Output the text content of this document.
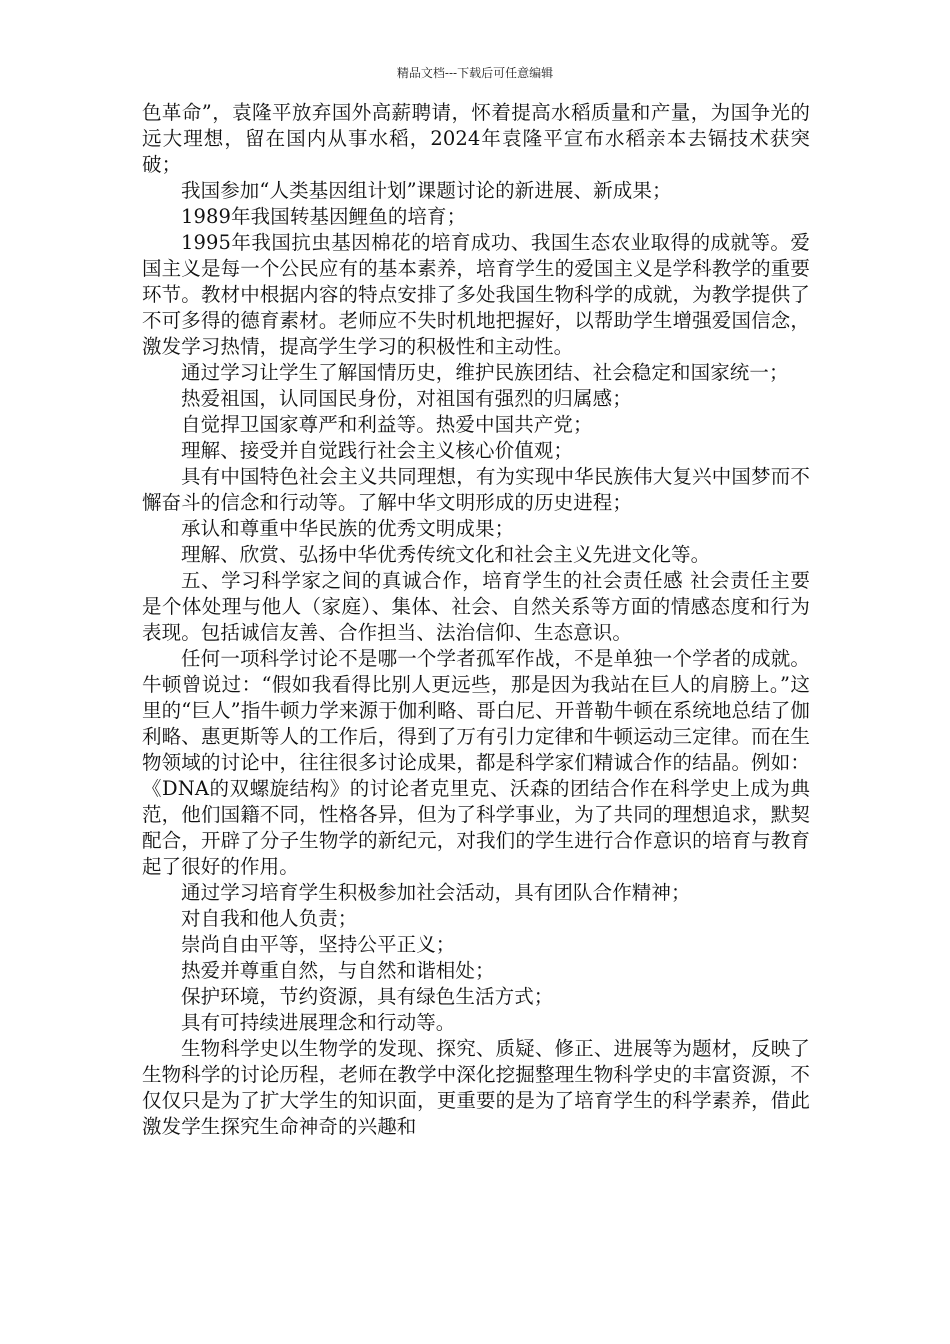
精品文档---下载后可任意编辑

色革命”，袁隆平放弃国外高薪聘请，怀着提高水稻质量和产量，为国争光的远大理想，留在国内从事水稻，2024年袁隆平宣布水稻亲本去镉技术获突破；

我国参加“人类基因组计划”课题讨论的新进展、新成果；

1989年我国转基因鲤鱼的培育；

1995年我国抗虫基因棉花的培育成功、我国生态农业取得的成就等。爱国主义是每一个公民应有的基本素养，培育学生的爱国主义是学科教学的重要环节。教材中根据内容的特点安排了多处我国生物科学的成就，为教学提供了不可多得的德育素材。老师应不失时机地把握好，以帮助学生增强爱国信念，激发学习热情，提高学生学习的积极性和主动性。

通过学习让学生了解国情历史，维护民族团结、社会稳定和国家统一；

热爱祖国，认同国民身份，对祖国有强烈的归属感；

自觉捍卫国家尊严和利益等。热爱中国共产党；

理解、接受并自觉践行社会主义核心价值观；

具有中国特色社会主义共同理想，有为实现中华民族伟大复兴中国梦而不懈奋斗的信念和行动等。了解中华文明形成的历史进程；

承认和尊重中华民族的优秀文明成果；

理解、欣赏、弘扬中华优秀传统文化和社会主义先进文化等。

五、学习科学家之间的真诚合作，培育学生的社会责任感 社会责任主要是个体处理与他人（家庭）、集体、社会、自然关系等方面的情感态度和行为表现。包括诚信友善、合作担当、法治信仰、生态意识。

任何一项科学讨论不是哪一个学者孤军作战，不是单独一个学者的成就。牛顿曾说过：“假如我看得比别人更远些，那是因为我站在巨人的肩膀上。”这里的“巨人”指牛顿力学来源于伽利略、哥白尼、开普勒牛顿在系统地总结了伽利略、惠更斯等人的工作后，得到了万有引力定律和牛顿运动三定律。而在生物领域的讨论中，往往很多讨论成果，都是科学家们精诚合作的结晶。例如：《DNA的双螺旋结构》的讨论者克里克、沃森的团结合作在科学史上成为典范，他们国籍不同，性格各异，但为了科学事业，为了共同的理想追求，默契配合，开辟了分子生物学的新纪元，对我们的学生进行合作意识的培育与教育起了很好的作用。

通过学习培育学生积极参加社会活动，具有团队合作精神；

对自我和他人负责；

崇尚自由平等，坚持公平正义；

热爱并尊重自然，与自然和谐相处；

保护环境，节约资源，具有绿色生活方式；

具有可持续进展理念和行动等。

生物科学史以生物学的发现、探究、质疑、修正、进展等为题材，反映了生物科学的讨论历程，老师在教学中深化挖掘整理生物科学史的丰富资源，不仅仅只是为了扩大学生的知识面，更重要的是为了培育学生的科学素养，借此激发学生探究生命神奇的兴趣和
